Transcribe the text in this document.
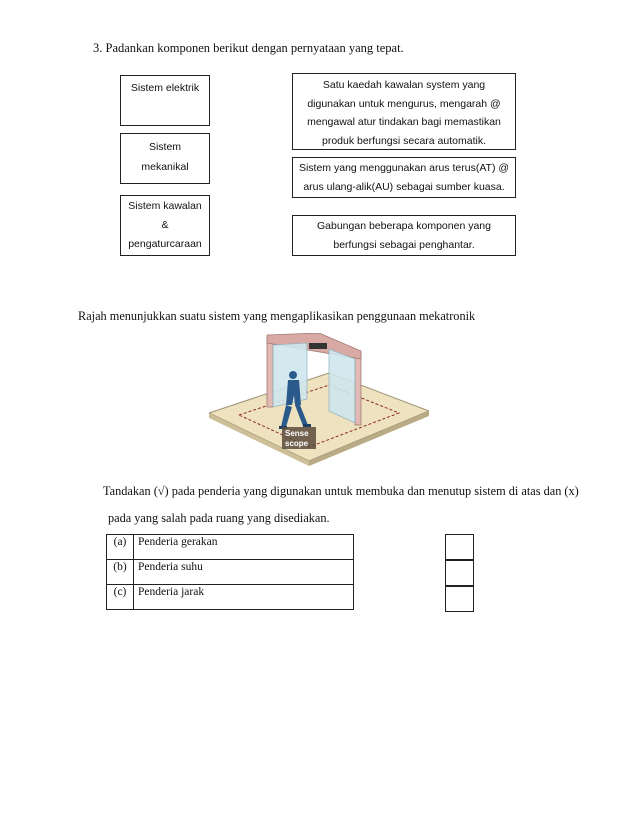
3. Padankan komponen berikut dengan pernyataan yang tepat.
Sistem elektrik
Sistem
mekanikal
Sistem kawalan
&
pengaturcaraan
Satu kaedah kawalan system yang
digunakan untuk mengurus, mengarah @
mengawal atur tindakan bagi memastikan
produk berfungsi secara automatik.
Sistem yang menggunakan arus terus(AT) @
arus ulang-alik(AU) sebagai sumber kuasa.
Gabungan beberapa komponen yang
berfungsi sebagai penghantar.
Rajah menunjukkan suatu sistem yang mengaplikasikan penggunaan mekatronik
Sense
scope
Tandakan (√) pada penderia yang digunakan untuk membuka dan menutup sistem di atas dan (x)
pada yang salah pada ruang yang disediakan.
(a)	Penderia gerakan
(b)	Penderia suhu
(c)	Penderia jarak
